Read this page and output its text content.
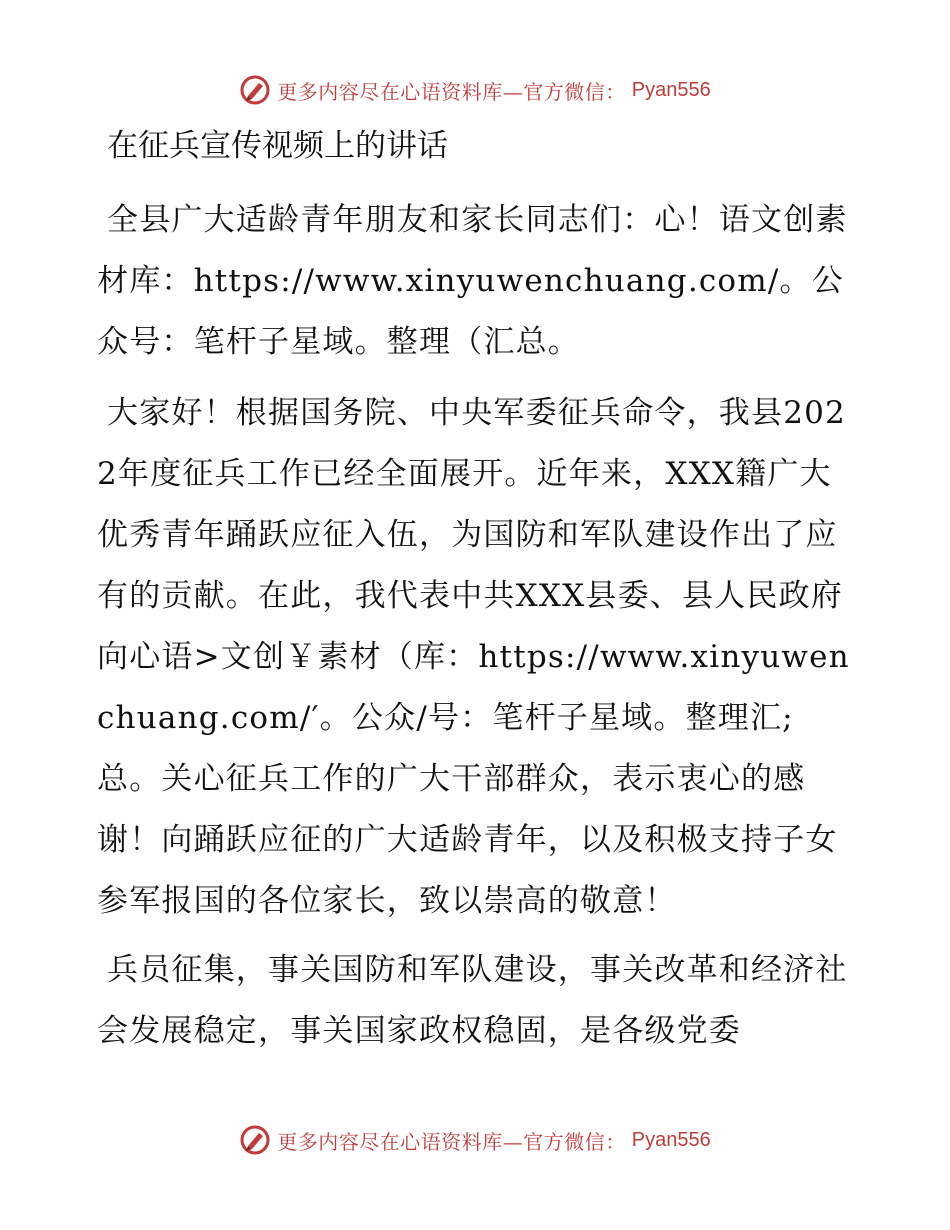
更多内容尽在心语资料库—官方微信： Pyan556
在征兵宣传视频上的讲话

全县广大适龄青年朋友和家长同志们：心！语文创素材库：https://www.xinyuwenchuang.com/。公众号：笔杆子星域。整理（汇总。

大家好！根据国务院、中央军委征兵命令，我县2022年度征兵工作已经全面展开。近年来，XXX籍广大优秀青年踊跃应征入伍，为国防和军队建设作出了应有的贡献。在此，我代表中共XXX县委、县人民政府向心语>文创￥素材（库：https://www.xinyuwenchuang.com/′。公众/号：笔杆子星域。整理汇;总。关心征兵工作的广大干部群众，表示衷心的感谢！向踊跃应征的广大适龄青年，以及积极支持子女参军报国的各位家长，致以崇高的敬意！

兵员征集，事关国防和军队建设，事关改革和经济社会发展稳定，事关国家政权稳固，是各级党委

更多内容尽在心语资料库—官方微信： Pyan556
